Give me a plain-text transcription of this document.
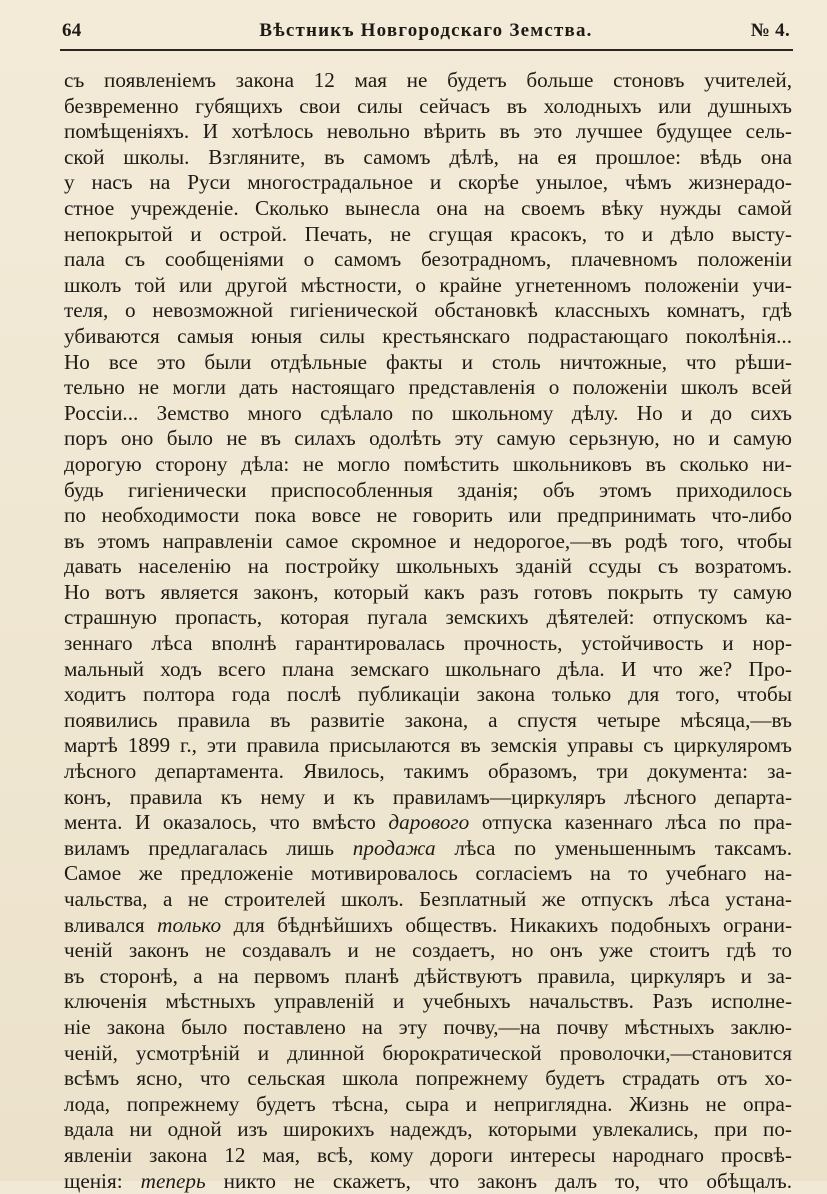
64	Вѣстникъ Новгородскаго Земства.	№ 4.
съ появленіемъ закона 12 мая не будетъ больше стоновъ учителей,
безвременно губящихъ свои силы сейчасъ въ холодныхъ или душныхъ
помѣщеніяхъ. И хотѣлось невольно вѣрить въ это лучшее будущее сель-
ской школы. Взгляните, въ самомъ дѣлѣ, на ея прошлое: вѣдь она
у насъ на Руси многострадальное и скорѣе унылое, чѣмъ жизнерадо-
стное учрежденіе. Сколько вынесла она на своемъ вѣку нужды самой
непокрытой и острой. Печать, не сгущая красокъ, то и дѣло высту-
пала съ сообщеніями о самомъ безотрадномъ, плачевномъ положеніи
школъ той или другой мѣстности, о крайне угнетенномъ положеніи учи-
теля, о невозможной гигіенической обстановкѣ классныхъ комнатъ, гдѣ
убиваются самыя юныя силы крестьянскаго подрастающаго поколѣнія...
Но все это были отдѣльные факты и столь ничтожные, что рѣши-
тельно не могли дать настоящаго представленія о положеніи школъ всей
Россіи... Земство много сдѣлало по школьному дѣлу. Но и до сихъ
поръ оно было не въ силахъ одолѣть эту самую серьзную, но и самую
дорогую сторону дѣла: не могло помѣстить школьниковъ въ сколько ни-
будь гигіенически приспособленныя зданія; объ этомъ приходилось
по необходимости пока вовсе не говорить или предпринимать что-либо
въ этомъ направленіи самое скромное и недорогое,—въ родѣ того, чтобы
давать населенію на постройку школьныхъ зданій ссуды съ возратомъ.
Но вотъ является законъ, который какъ разъ готовъ покрыть ту самую
страшную пропасть, которая пугала земскихъ дѣятелей: отпускомъ ка-
зеннаго лѣса вполнѣ гарантировалась прочность, устойчивость и нор-
мальный ходъ всего плана земскаго школьнаго дѣла. И что же? Про-
ходитъ полтора года послѣ публикаціи закона только для того, чтобы
появились правила въ развитіе закона, а спустя четыре мѣсяца,—въ
мартѣ 1899 г., эти правила присылаются въ земскія управы съ циркуляромъ
лѣсного департамента. Явилось, такимъ образомъ, три документа: за-
конъ, правила къ нему и къ правиламъ—циркуляръ лѣсного департа-
мента. И оказалось, что вмѣсто дарового отпуска казеннаго лѣса по пра-
виламъ предлагалась лишь продажа лѣса по уменьшеннымъ таксамъ.
Самое же предложеніе мотивировалось согласіемъ на то учебнаго на-
чальства, а не строителей школъ. Безплатный же отпускъ лѣса устана-
вливался только для бѣднѣйшихъ обществъ. Никакихъ подобныхъ ограни-
ченій законъ не создавалъ и не создаетъ, но онъ уже стоитъ гдѣ то
въ сторонѣ, а на первомъ планѣ дѣйствуютъ правила, циркуляръ и за-
ключенія мѣстныхъ управленій и учебныхъ начальствъ. Разъ исполне-
ніе закона было поставлено на эту почву,—на почву мѣстныхъ заклю-
ченій, усмотрѣній и длинной бюрократической проволочки,—становится
всѣмъ ясно, что сельская школа попрежнему будетъ страдать отъ хо-
лода, попрежнему будетъ тѣсна, сыра и непригляднa. Жизнь не опра-
вдала ни одной изъ широкихъ надеждъ, которыми увлекались, при по-
явленіи закона 12 мая, всѣ, кому дороги интересы народнаго просвѣ-
щенія: теперь никто не скажетъ, что законъ далъ то, что обѣщалъ.
